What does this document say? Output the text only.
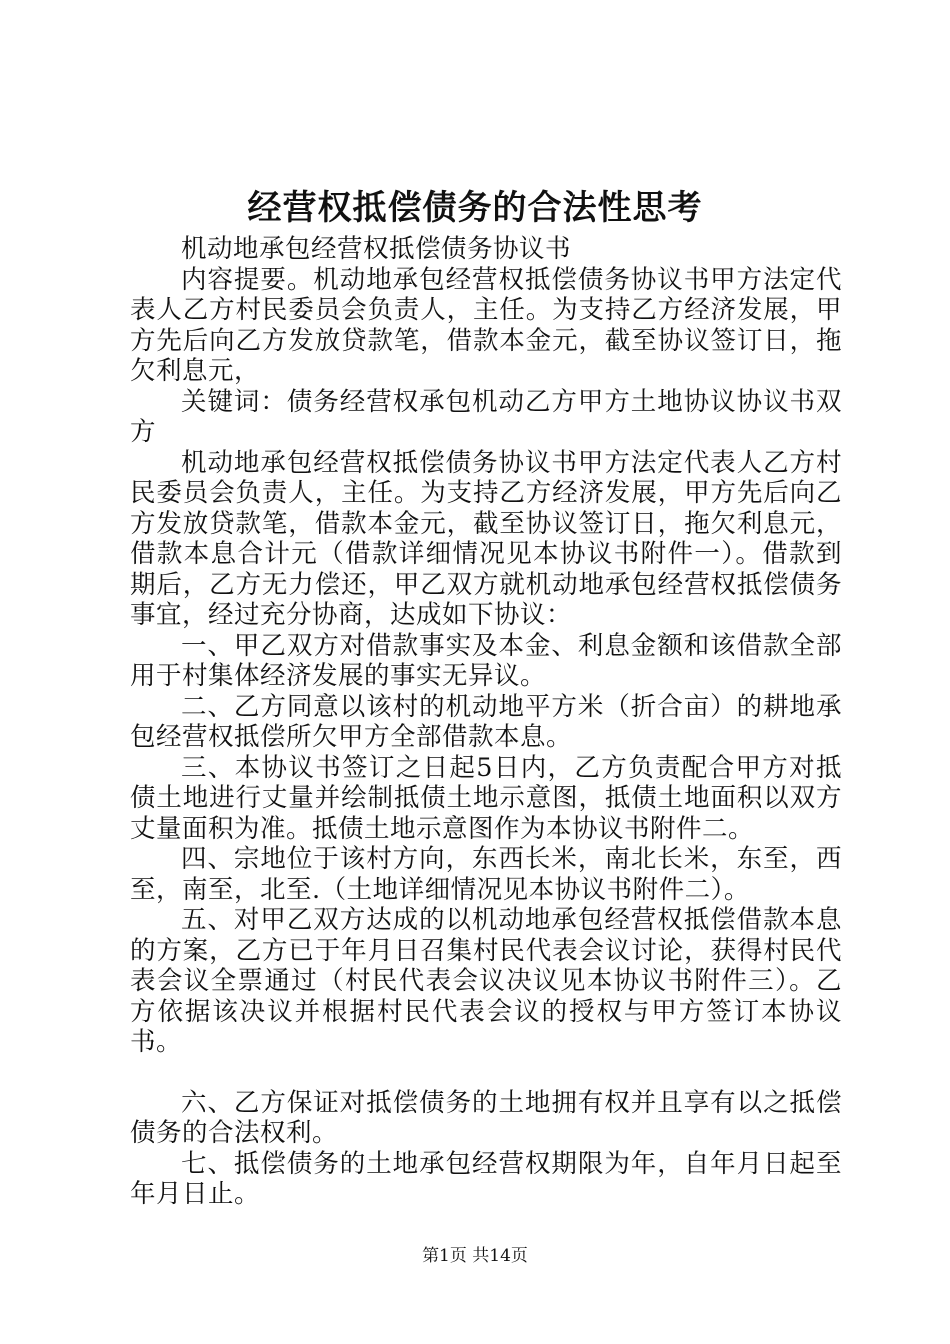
经营权抵偿债务的合法性思考

机动地承包经营权抵偿债务协议书

内容提要。机动地承包经营权抵偿债务协议书甲方法定代表人乙方村民委员会负责人，主任。为支持乙方经济发展，甲方先后向乙方发放贷款笔，借款本金元，截至协议签订日，拖欠利息元，

关键词：债务经营权承包机动乙方甲方土地协议协议书双方

机动地承包经营权抵偿债务协议书甲方法定代表人乙方村民委员会负责人，主任。为支持乙方经济发展，甲方先后向乙方发放贷款笔，借款本金元，截至协议签订日，拖欠利息元，借款本息合计元（借款详细情况见本协议书附件一）。借款到期后，乙方无力偿还，甲乙双方就机动地承包经营权抵偿债务事宜，经过充分协商，达成如下协议：

一、甲乙双方对借款事实及本金、利息金额和该借款全部用于村集体经济发展的事实无异议。

二、乙方同意以该村的机动地平方米（折合亩）的耕地承包经营权抵偿所欠甲方全部借款本息。

三、本协议书签订之日起5日内，乙方负责配合甲方对抵债土地进行丈量并绘制抵债土地示意图，抵债土地面积以双方丈量面积为准。抵债土地示意图作为本协议书附件二。

四、宗地位于该村方向，东西长米，南北长米，东至，西至，南至，北至.（土地详细情况见本协议书附件二）。

五、对甲乙双方达成的以机动地承包经营权抵偿借款本息的方案，乙方已于年月日召集村民代表会议讨论，获得村民代表会议全票通过（村民代表会议决议见本协议书附件三）。乙方依据该决议并根据村民代表会议的授权与甲方签订本协议书。

六、乙方保证对抵偿债务的土地拥有权并且享有以之抵偿债务的合法权利。

七、抵偿债务的土地承包经营权期限为年，自年月日起至年月日止。

第1页 共14页
